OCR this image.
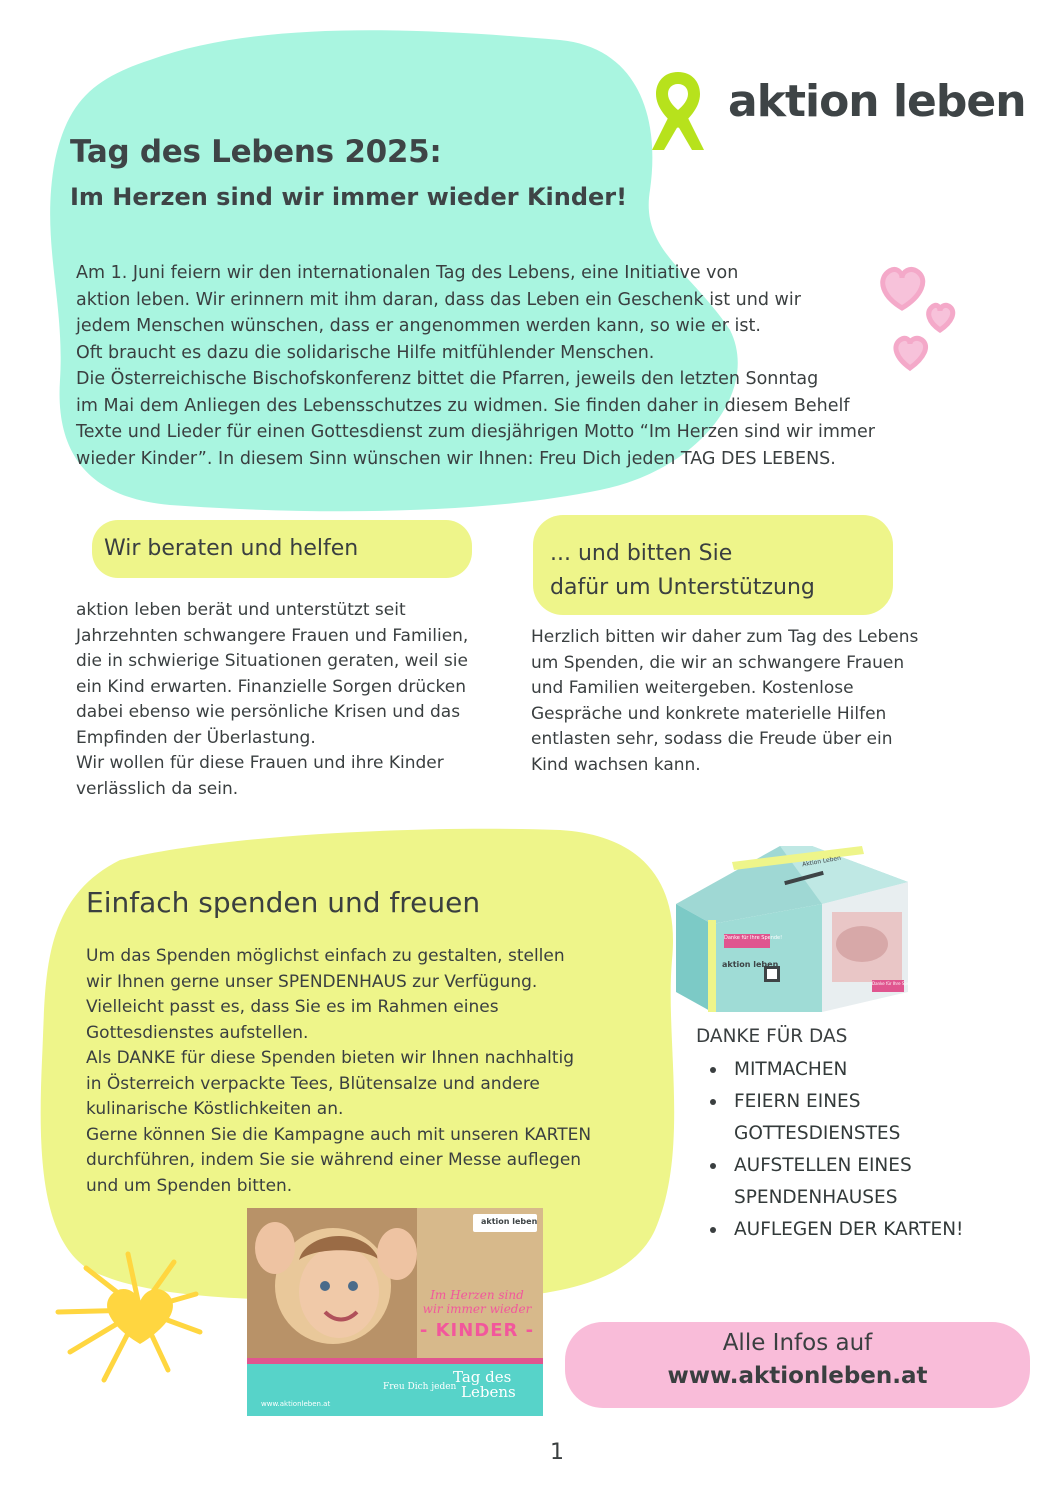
aktion leben
Tag des Lebens 2025:
Im Herzen sind wir immer wieder Kinder!
Am 1. Juni feiern wir den internationalen Tag des Lebens, eine Initiative von
aktion leben. Wir erinnern mit ihm daran, dass das Leben ein Geschenk ist und wir
jedem Menschen wünschen, dass er angenommen werden kann, so wie er ist.
Oft braucht es dazu die solidarische Hilfe mitfühlender Menschen.
Die Österreichische Bischofskonferenz bittet die Pfarren, jeweils den letzten Sonntag
im Mai dem Anliegen des Lebensschutzes zu widmen. Sie finden daher in diesem Behelf
Texte und Lieder für einen Gottesdienst zum diesjährigen Motto “Im Herzen sind wir immer
wieder Kinder”. In diesem Sinn wünschen wir Ihnen: Freu Dich jeden TAG DES LEBENS.
Wir beraten und helfen
aktion leben berät und unterstützt seit
Jahrzehnten schwangere Frauen und Familien,
die in schwierige Situationen geraten, weil sie
ein Kind erwarten. Finanzielle Sorgen drücken
dabei ebenso wie persönliche Krisen und das
Empfinden der Überlastung.
Wir wollen für diese Frauen und ihre Kinder
verlässlich da sein.
... und bitten Sie
dafür um Unterstützung
Herzlich bitten wir daher zum Tag des Lebens
um Spenden, die wir an schwangere Frauen
und Familien weitergeben. Kostenlose
Gespräche und konkrete materielle Hilfen
entlasten sehr, sodass die Freude über ein
Kind wachsen kann.
Einfach spenden und freuen
Um das Spenden möglichst einfach zu gestalten, stellen
wir Ihnen gerne unser SPENDENHAUS zur Verfügung.
Vielleicht passt es, dass Sie es im Rahmen eines
Gottesdienstes aufstellen.
Als DANKE für diese Spenden bieten wir Ihnen nachhaltig
in Österreich verpackte Tees, Blütensalze und andere
kulinarische Köstlichkeiten an.
Gerne können Sie die Kampagne auch mit unseren KARTEN
durchführen, indem Sie sie während einer Messe auflegen
und um Spenden bitten.
Danke für Ihre Spende!
Aktion Leben
aktion leben
Danke für Ihre Spende!
DANKE FÜR DAS
MITMACHEN
FEIERN EINES
GOTTESDIENSTES
AUFSTELLEN EINES
SPENDENHAUSES
AUFLEGEN DER KARTEN!
aktion leben
Im Herzen sind
wir immer wieder
- KINDER -
www.aktionleben.at
Freu Dich jeden
Tag des
Lebens
Alle Infos auf
www.aktionleben.at
1
